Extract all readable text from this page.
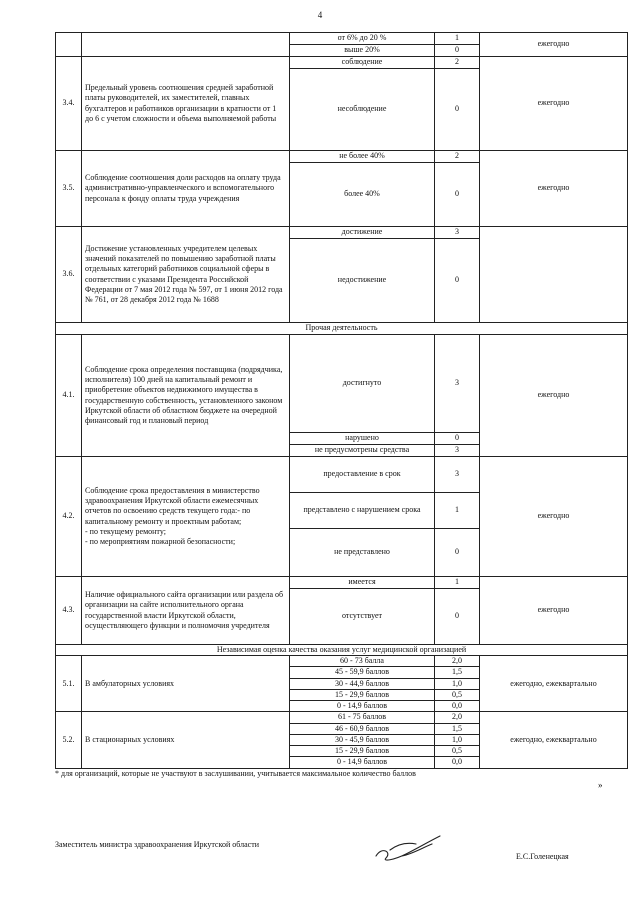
4
		от 6% до 20 %	1	ежегодно
		выше 20%	0	
3.4.	Предельный уровень соотношения средней заработной платы руководителей, их заместителей, главных бухгалтеров и работников организации в кратности от 1 до 6 с учетом сложности и объема выполняемой работы	соблюдение	2	ежегодно
		несоблюдение	0	
3.5.	Соблюдение соотношения доли расходов на оплату труда административно-управленческого и вспомогательного персонала к фонду оплаты труда учреждения	не более 40%	2	ежегодно
		более 40%	0	
3.6.	Достижение установленных учредителем целевых значений показателей по повышению заработной платы отдельных категорий работников социальной сферы в соответствии с указами Президента Российской Федерации от 7 мая 2012 года № 597, от 1 июня 2012 года № 761, от 28 декабря 2012 года № 1688	достижение	3	
		недостижение	0	
Прочая деятельность				
4.1.	Соблюдение срока определения поставщика (подрядчика, исполнителя) 100 дней на капитальный ремонт и приобретение объектов недвижимого имущества в государственную собственность, установленного законом Иркутской области об областном бюджете на очередной финансовый год и плановый период	достигнуто	3	ежегодно
		нарушено	0	
		не предусмотрены средства	3	
4.2.	Соблюдение срока предоставления в министерство здравоохранения Иркутской области ежемесячных отчетов по освоению средств текущего года:- по капитальному ремонту и проектным работам;
- по текущему ремонту;
- по мероприятиям пожарной безопасности;	предоставление в срок	3	ежегодно
		представлено с нарушением срока	1	
		не представлено	0	
4.3.	Наличие официального сайта организации или раздела об организации на сайте исполнительного органа государственной власти Иркутской области, осуществляющего функции и полномочия учредителя	имеется	1	ежегодно
		отсутствует	0	
Независимая оценка качества оказания услуг медицинской организацией				
5.1.	В амбулаторных условиях	60 - 73 балла	2,0	ежегодно, ежеквартально
		45 - 59,9 баллов	1,5	
		30 - 44,9 баллов	1,0	
		15 - 29,9 баллов	0,5	
		0 - 14,9 баллов	0,0	
5.2.	В стационарных условиях	61 - 75 баллов	2,0	ежегодно, ежеквартально
		46 - 60,9 баллов	1,5	
		30 - 45,9 баллов	1,0	
		15 - 29,9 баллов	0,5	
		0 - 14,9 баллов	0,0	
* для организаций, которые не участвуют в заслушивании, учитывается максимальное количество баллов
»
Заместитель министра здравоохранения Иркутской области
Е.С.Голенецкая
